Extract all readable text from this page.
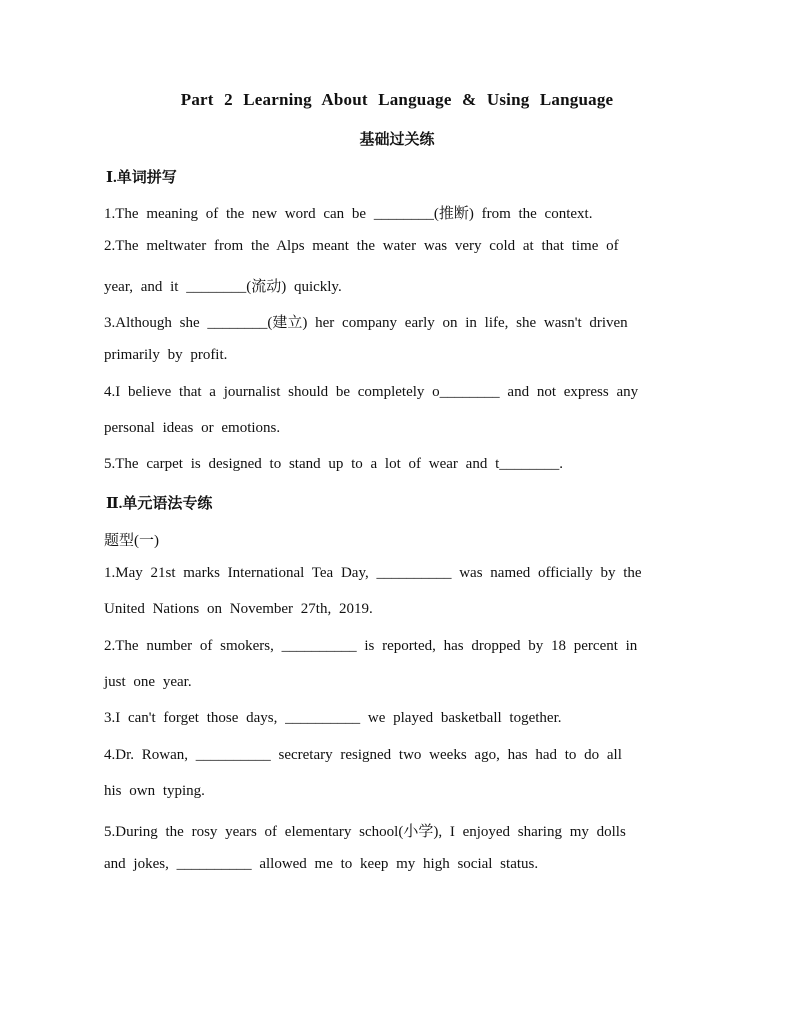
Part 2 Learning About Language & Using Language
基础过关练
Ⅰ.单词拼写
1.The meaning of the new word can be ________(推断) from the context.
2.The meltwater from the Alps meant the water was very cold at that time of
year, and it ________(流动) quickly.
3.Although she ________(建立) her company early on in life, she wasn't driven
primarily by profit.
4.I believe that a journalist should be completely o________ and not express any
personal ideas or emotions.
5.The carpet is designed to stand up to a lot of wear and t________.
Ⅱ.单元语法专练
题型(一)
1.May 21st marks International Tea Day, __________ was named officially by the
United Nations on November 27th, 2019.
2.The number of smokers, __________ is reported, has dropped by 18 percent in
just one year.
3.I can't forget those days, __________ we played basketball together.
4.Dr. Rowan, __________ secretary resigned two weeks ago, has had to do all
his own typing.
5.During the rosy years of elementary school(小学), I enjoyed sharing my dolls
and jokes, __________ allowed me to keep my high social status.
